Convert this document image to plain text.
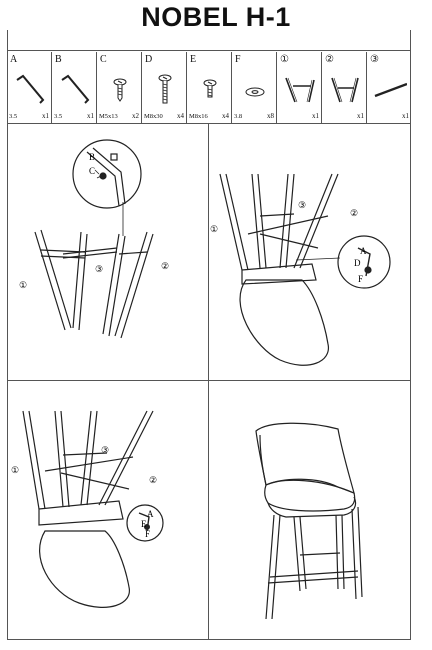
NOBEL H-1
A
3.5	x1
B
3.5	x1
C
M5x13 x2
D
M8x30 x4
E
M8x16 x4
F
3.8	x8
①
x1
②
x1
③
x1
B
C
①
③	②
①
③
②
A
D
F
①
③
②
A
E
F
